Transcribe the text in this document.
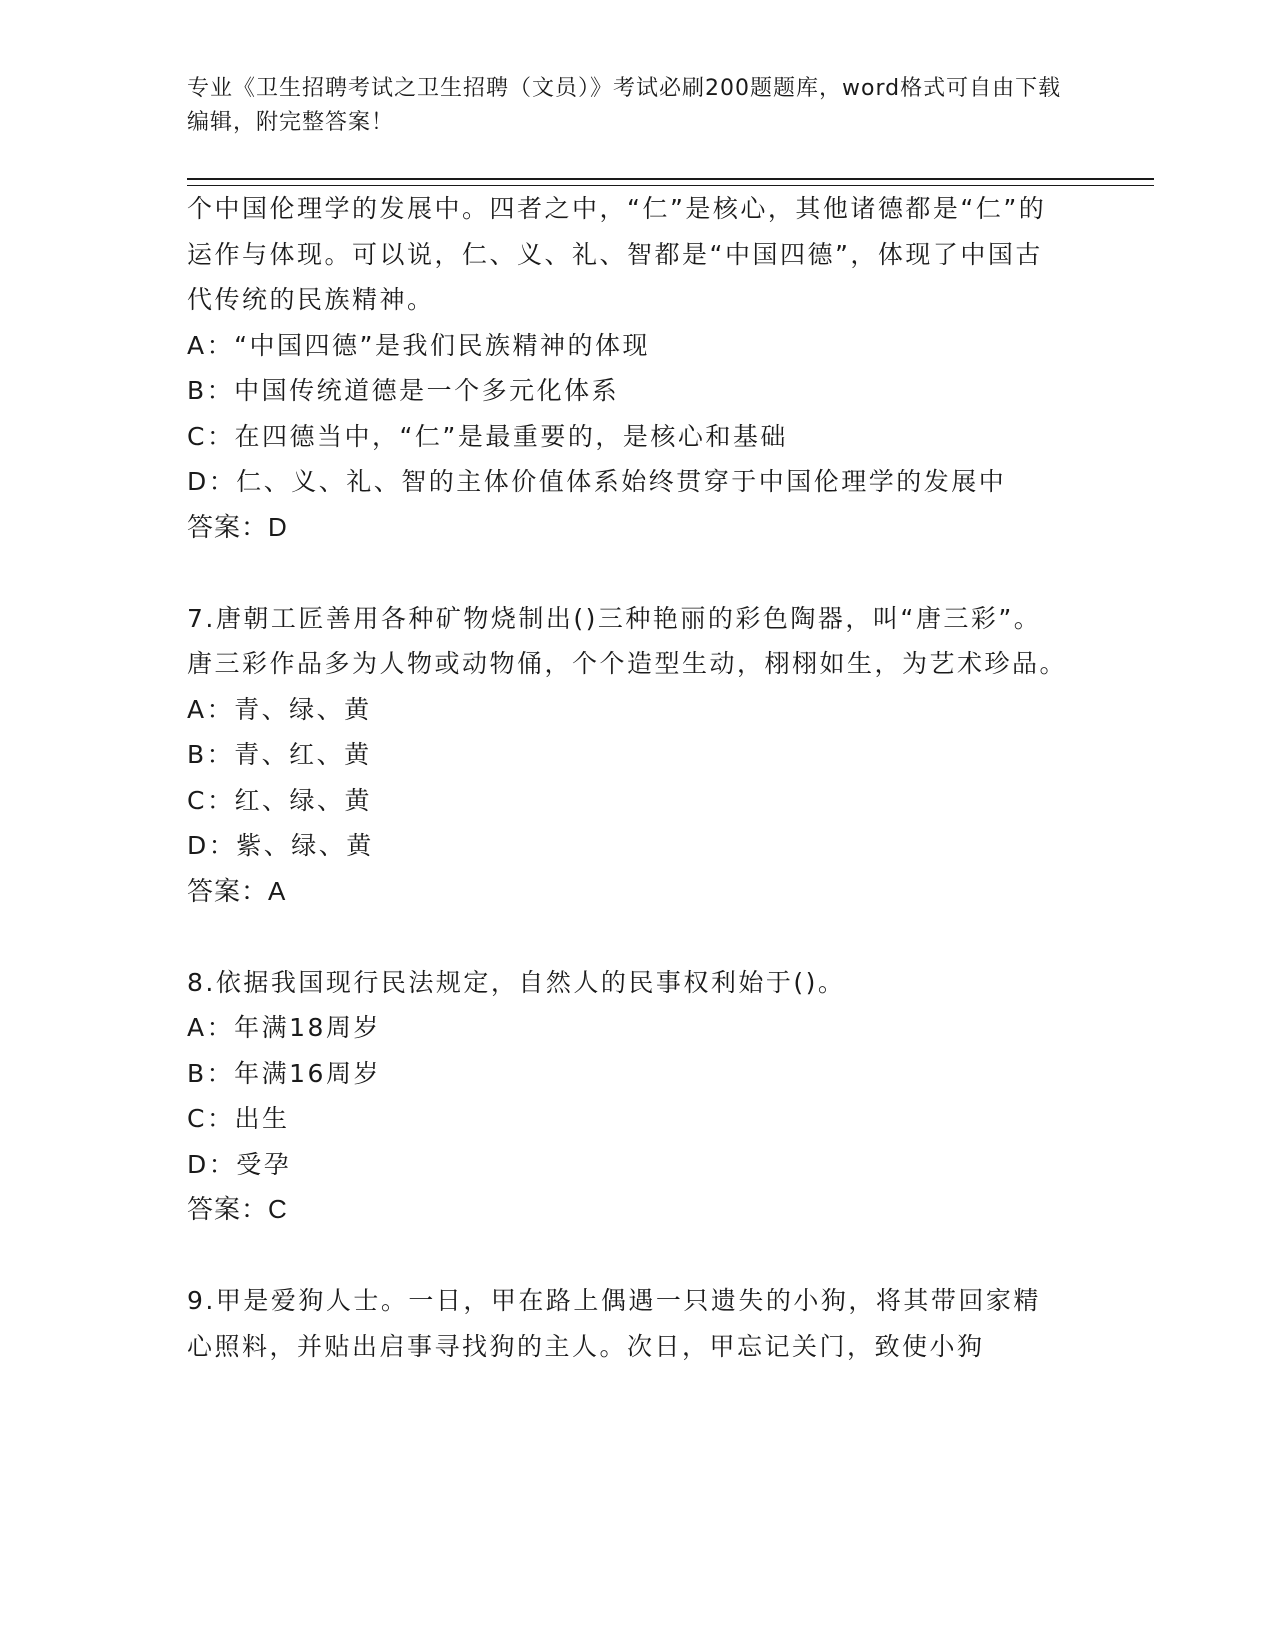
专业《卫生招聘考试之卫生招聘（文员）》考试必刷200题题库，word格式可自由下载编辑，附完整答案！

个中国伦理学的发展中。四者之中，“仁”是核心，其他诸德都是“仁”的运作与体现。可以说，仁、义、礼、智都是“中国四德”，体现了中国古代传统的民族精神。

A：“中国四德”是我们民族精神的体现

B：中国传统道德是一个多元化体系

C：在四德当中，“仁”是最重要的，是核心和基础

D：仁、义、礼、智的主体价值体系始终贯穿于中国伦理学的发展中

答案：D

7.唐朝工匠善用各种矿物烧制出()三种艳丽的彩色陶器，叫“唐三彩”。唐三彩作品多为人物或动物俑，个个造型生动，栩栩如生，为艺术珍品。

A：青、绿、黄

B：青、红、黄

C：红、绿、黄

D：紫、绿、黄

答案：A

8.依据我国现行民法规定，自然人的民事权利始于()。

A：年满18周岁

B：年满16周岁

C：出生

D：受孕

答案：C

9.甲是爱狗人士。一日，甲在路上偶遇一只遗失的小狗，将其带回家精心照料，并贴出启事寻找狗的主人。次日，甲忘记关门，致使小狗
